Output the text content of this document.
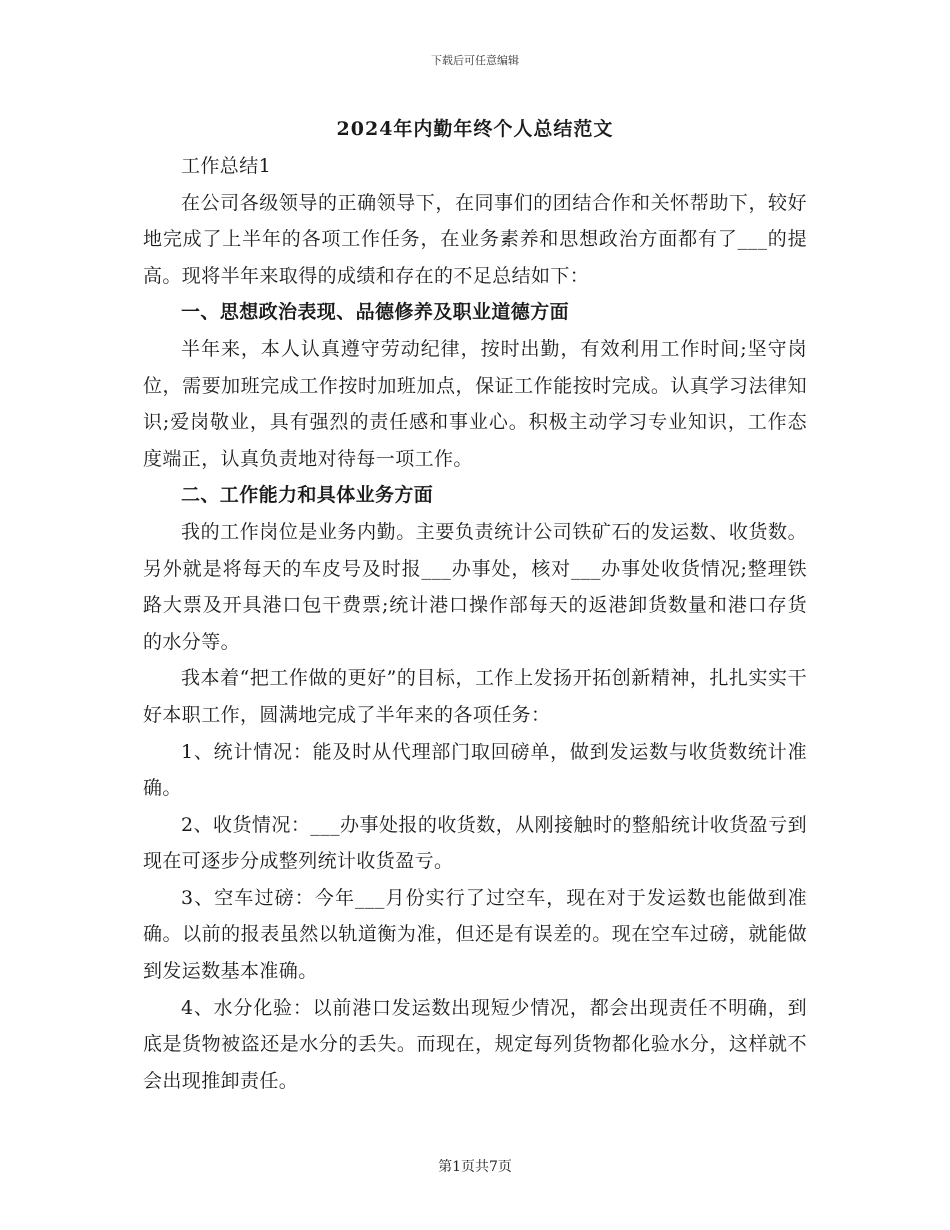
下载后可任意编辑
2024年内勤年终个人总结范文

工作总结1

在公司各级领导的正确领导下，在同事们的团结合作和关怀帮助下，较好地完成了上半年的各项工作任务，在业务素养和思想政治方面都有了___的提高。现将半年来取得的成绩和存在的不足总结如下：

一、思想政治表现、品德修养及职业道德方面

半年来，本人认真遵守劳动纪律，按时出勤，有效利用工作时间;坚守岗位，需要加班完成工作按时加班加点，保证工作能按时完成。认真学习法律知识;爱岗敬业，具有强烈的责任感和事业心。积极主动学习专业知识，工作态度端正，认真负责地对待每一项工作。

二、工作能力和具体业务方面

我的工作岗位是业务内勤。主要负责统计公司铁矿石的发运数、收货数。另外就是将每天的车皮号及时报___办事处，核对___办事处收货情况;整理铁路大票及开具港口包干费票;统计港口操作部每天的返港卸货数量和港口存货的水分等。

我本着“把工作做的更好”的目标，工作上发扬开拓创新精神，扎扎实实干好本职工作，圆满地完成了半年来的各项任务：

1、统计情况：能及时从代理部门取回磅单，做到发运数与收货数统计准确。

2、收货情况：___办事处报的收货数，从刚接触时的整船统计收货盈亏到现在可逐步分成整列统计收货盈亏。

3、空车过磅：今年___月份实行了过空车，现在对于发运数也能做到准确。以前的报表虽然以轨道衡为准，但还是有误差的。现在空车过磅，就能做到发运数基本准确。

4、水分化验：以前港口发运数出现短少情况，都会出现责任不明确，到底是货物被盗还是水分的丢失。而现在，规定每列货物都化验水分，这样就不会出现推卸责任。

第1页共7页
